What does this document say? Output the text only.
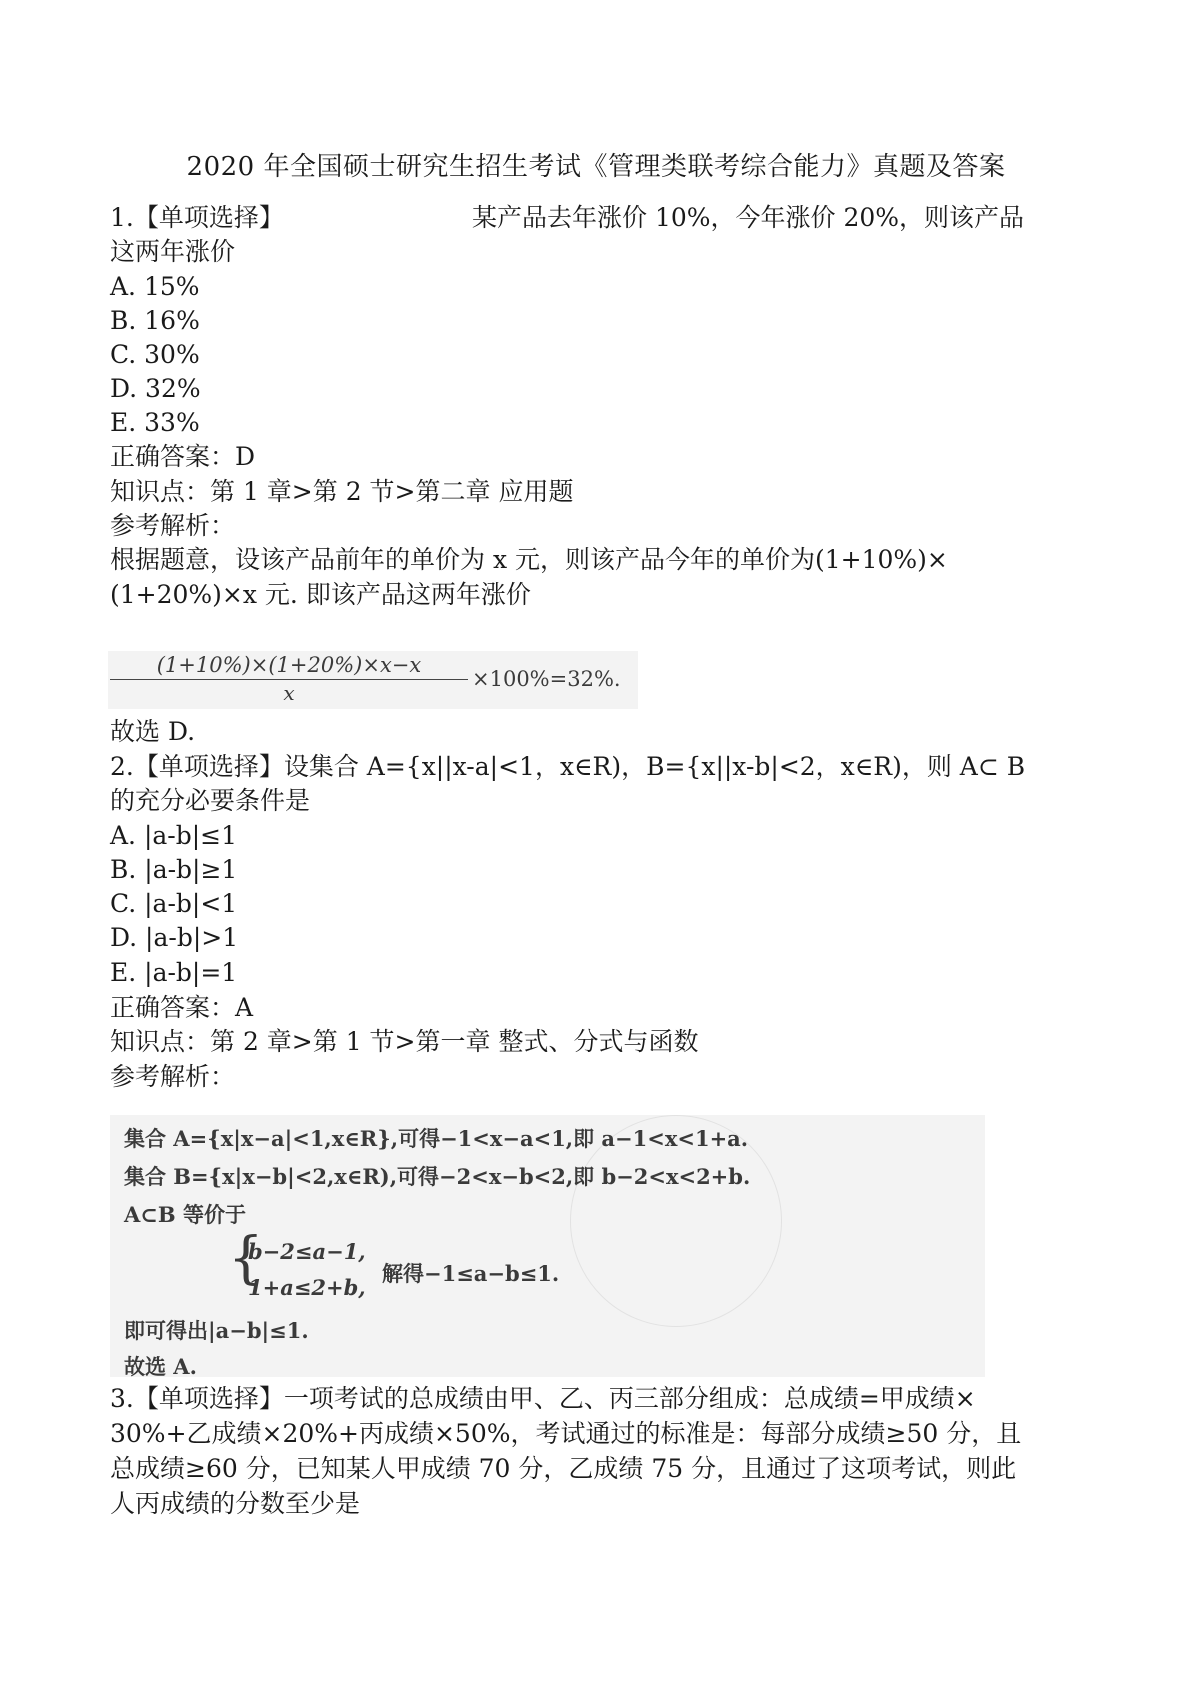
2020 年全国硕士研究生招生考试《管理类联考综合能力》真题及答案
1.【单项选择】	某产品去年涨价 10%，今年涨价 20%，则该产品
这两年涨价
A. 15%
B. 16%
C. 30%
D. 32%
E. 33%
正确答案：D
知识点：第 1 章>第 2 节>第二章 应用题
参考解析：
根据题意，设该产品前年的单价为 x 元，则该产品今年的单价为(1+10%)×
(1+20%)×x 元. 即该产品这两年涨价
$\frac{(1+10\%)\times(1+20\%)\times x-x}{x} \times 100\%=32\%$.
故选 D.
2.【单项选择】设集合 A={x||x-a|<1，x∈R)，B={x||x-b|<2，x∈R)，则 A⊂ B
的充分必要条件是
A. |a-b|≤1
B. |a-b|≥1
C. |a-b|<1
D. |a-b|>1
E. |a-b|=1
正确答案：A
知识点：第 2 章>第 1 节>第一章 整式、分式与函数
参考解析：
集合 A={x|x−a|<1,x∈R},可得−1<x−a<1,即 a−1<x<1+a.
集合 B={x|x−b|<2,x∈R),可得−2<x−b<2,即 b−2<x<2+b.
A⊂B 等价于
{
b−2≤a−1,
1+a≤2+b,
解得−1≤a−b≤1.
即可得出|a−b|≤1.
故选 A.
3.【单项选择】一项考试的总成绩由甲、乙、丙三部分组成：总成绩=甲成绩×
30%+乙成绩×20%+丙成绩×50%，考试通过的标准是：每部分成绩≥50 分，且
总成绩≥60 分，已知某人甲成绩 70 分，乙成绩 75 分，且通过了这项考试，则此
人丙成绩的分数至少是
